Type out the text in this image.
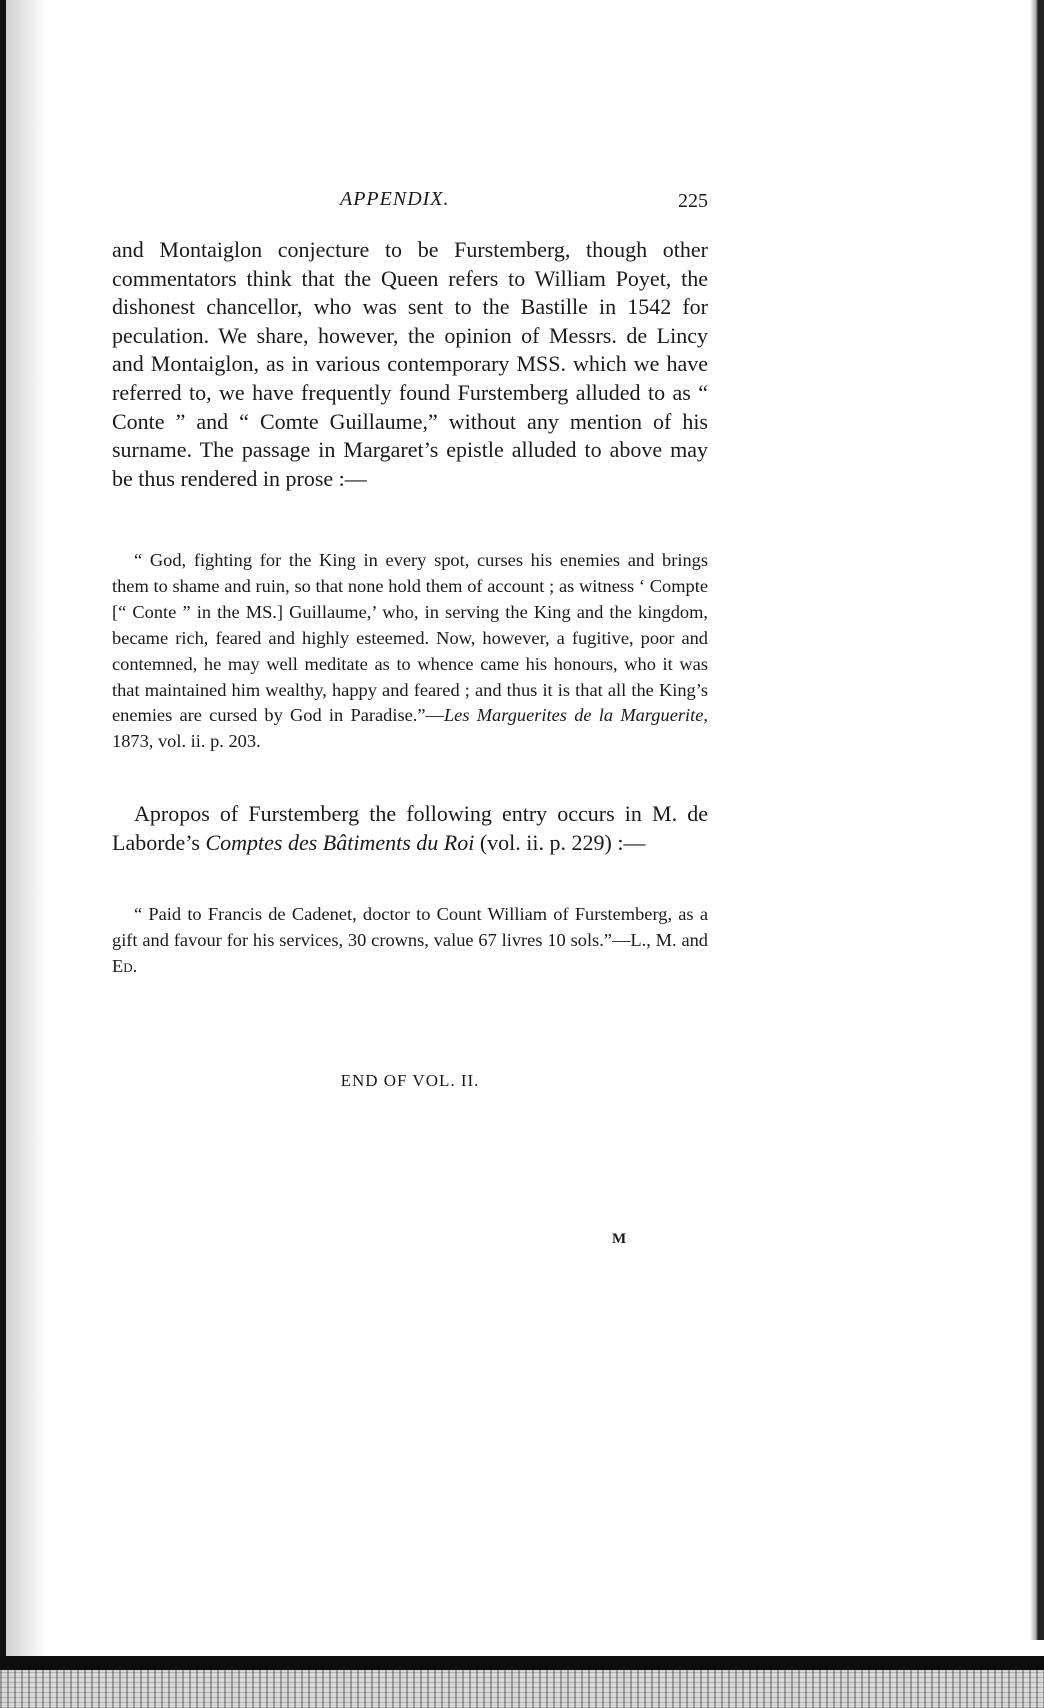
APPENDIX.	225

and Montaiglon conjecture to be Furstemberg, though other commentators think that the Queen refers to William Poyet, the dishonest chancellor, who was sent to the Bastille in 1542 for peculation. We share, however, the opinion of Messrs. de Lincy and Montaiglon, as in various contemporary MSS. which we have referred to, we have frequently found Furstemberg alluded to as “ Conte ” and “ Comte Guillaume,” without any mention of his surname. The passage in Margaret’s epistle alluded to above may be thus rendered in prose :—

“ God, fighting for the King in every spot, curses his enemies and brings them to shame and ruin, so that none hold them of account ; as witness ‘ Compte [“ Conte ” in the MS.] Guillaume,’ who, in serving the King and the kingdom, became rich, feared and highly esteemed. Now, however, a fugitive, poor and contemned, he may well meditate as to whence came his honours, who it was that maintained him wealthy, happy and feared ; and thus it is that all the King’s enemies are cursed by God in Paradise.”—Les Marguerites de la Marguerite, 1873, vol. ii. p. 203.

Apropos of Furstemberg the following entry occurs in M. de Laborde’s Comptes des Bâtiments du Roi (vol. ii. p. 229) :—

“ Paid to Francis de Cadenet, doctor to Count William of Furstemberg, as a gift and favour for his services, 30 crowns, value 67 livres 10 sols.”—L., M. and Ed.

END OF VOL. II.
M
